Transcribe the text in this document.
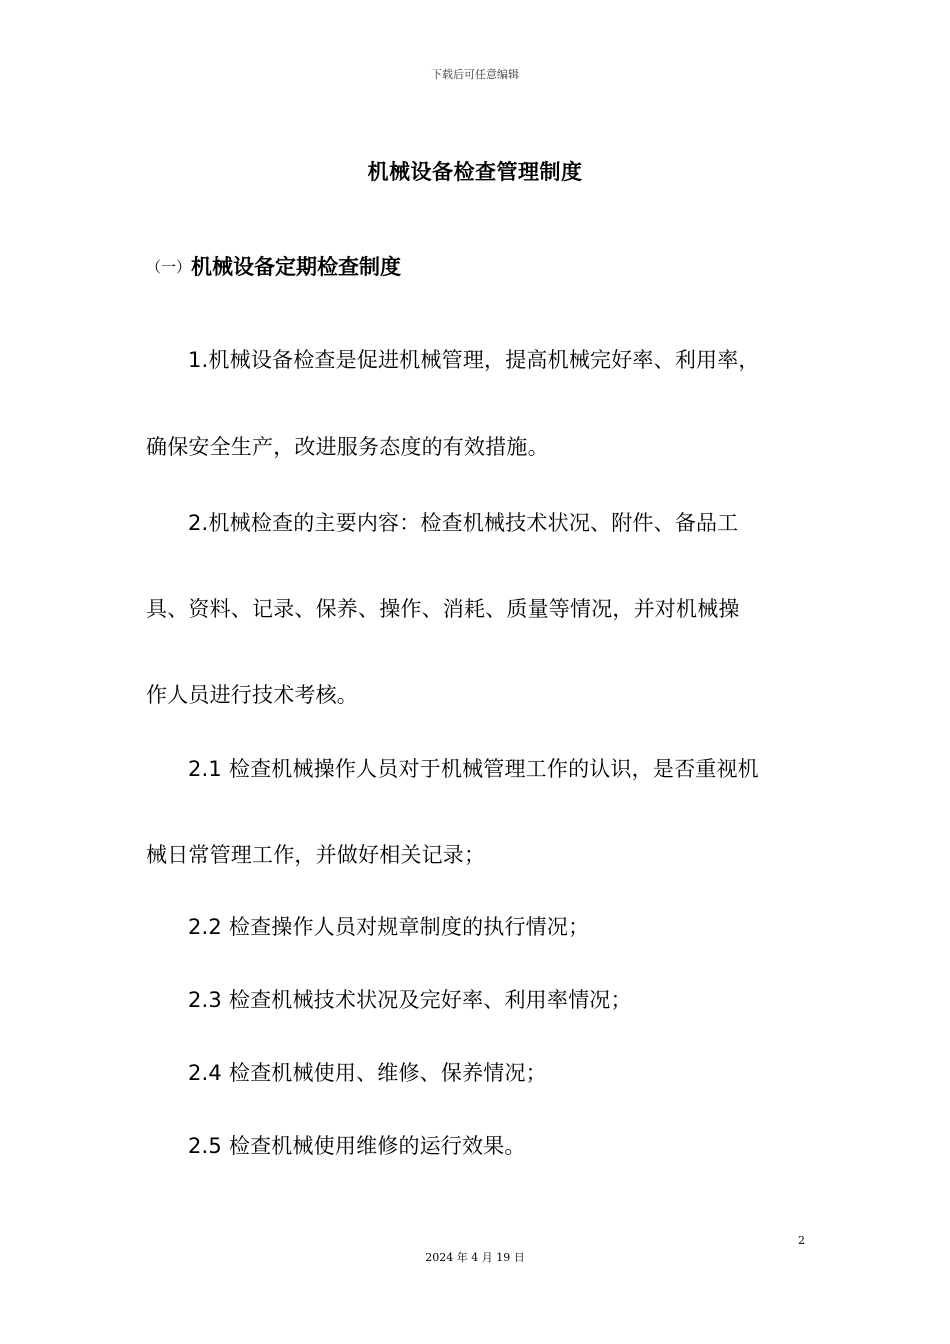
下载后可任意编辑
机械设备检查管理制度
（一）机械设备定期检查制度
1.机械设备检查是促进机械管理，提高机械完好率、利用率，
确保安全生产，改进服务态度的有效措施。
2.机械检查的主要内容：检查机械技术状况、附件、备品工
具、资料、记录、保养、操作、消耗、质量等情况，并对机械操
作人员进行技术考核。
2.1 检查机械操作人员对于机械管理工作的认识，是否重视机
械日常管理工作，并做好相关记录；
2.2 检查操作人员对规章制度的执行情况；
2.3 检查机械技术状况及完好率、利用率情况；
2.4 检查机械使用、维修、保养情况；
2.5 检查机械使用维修的运行效果。
2
2024 年 4 月 19 日
